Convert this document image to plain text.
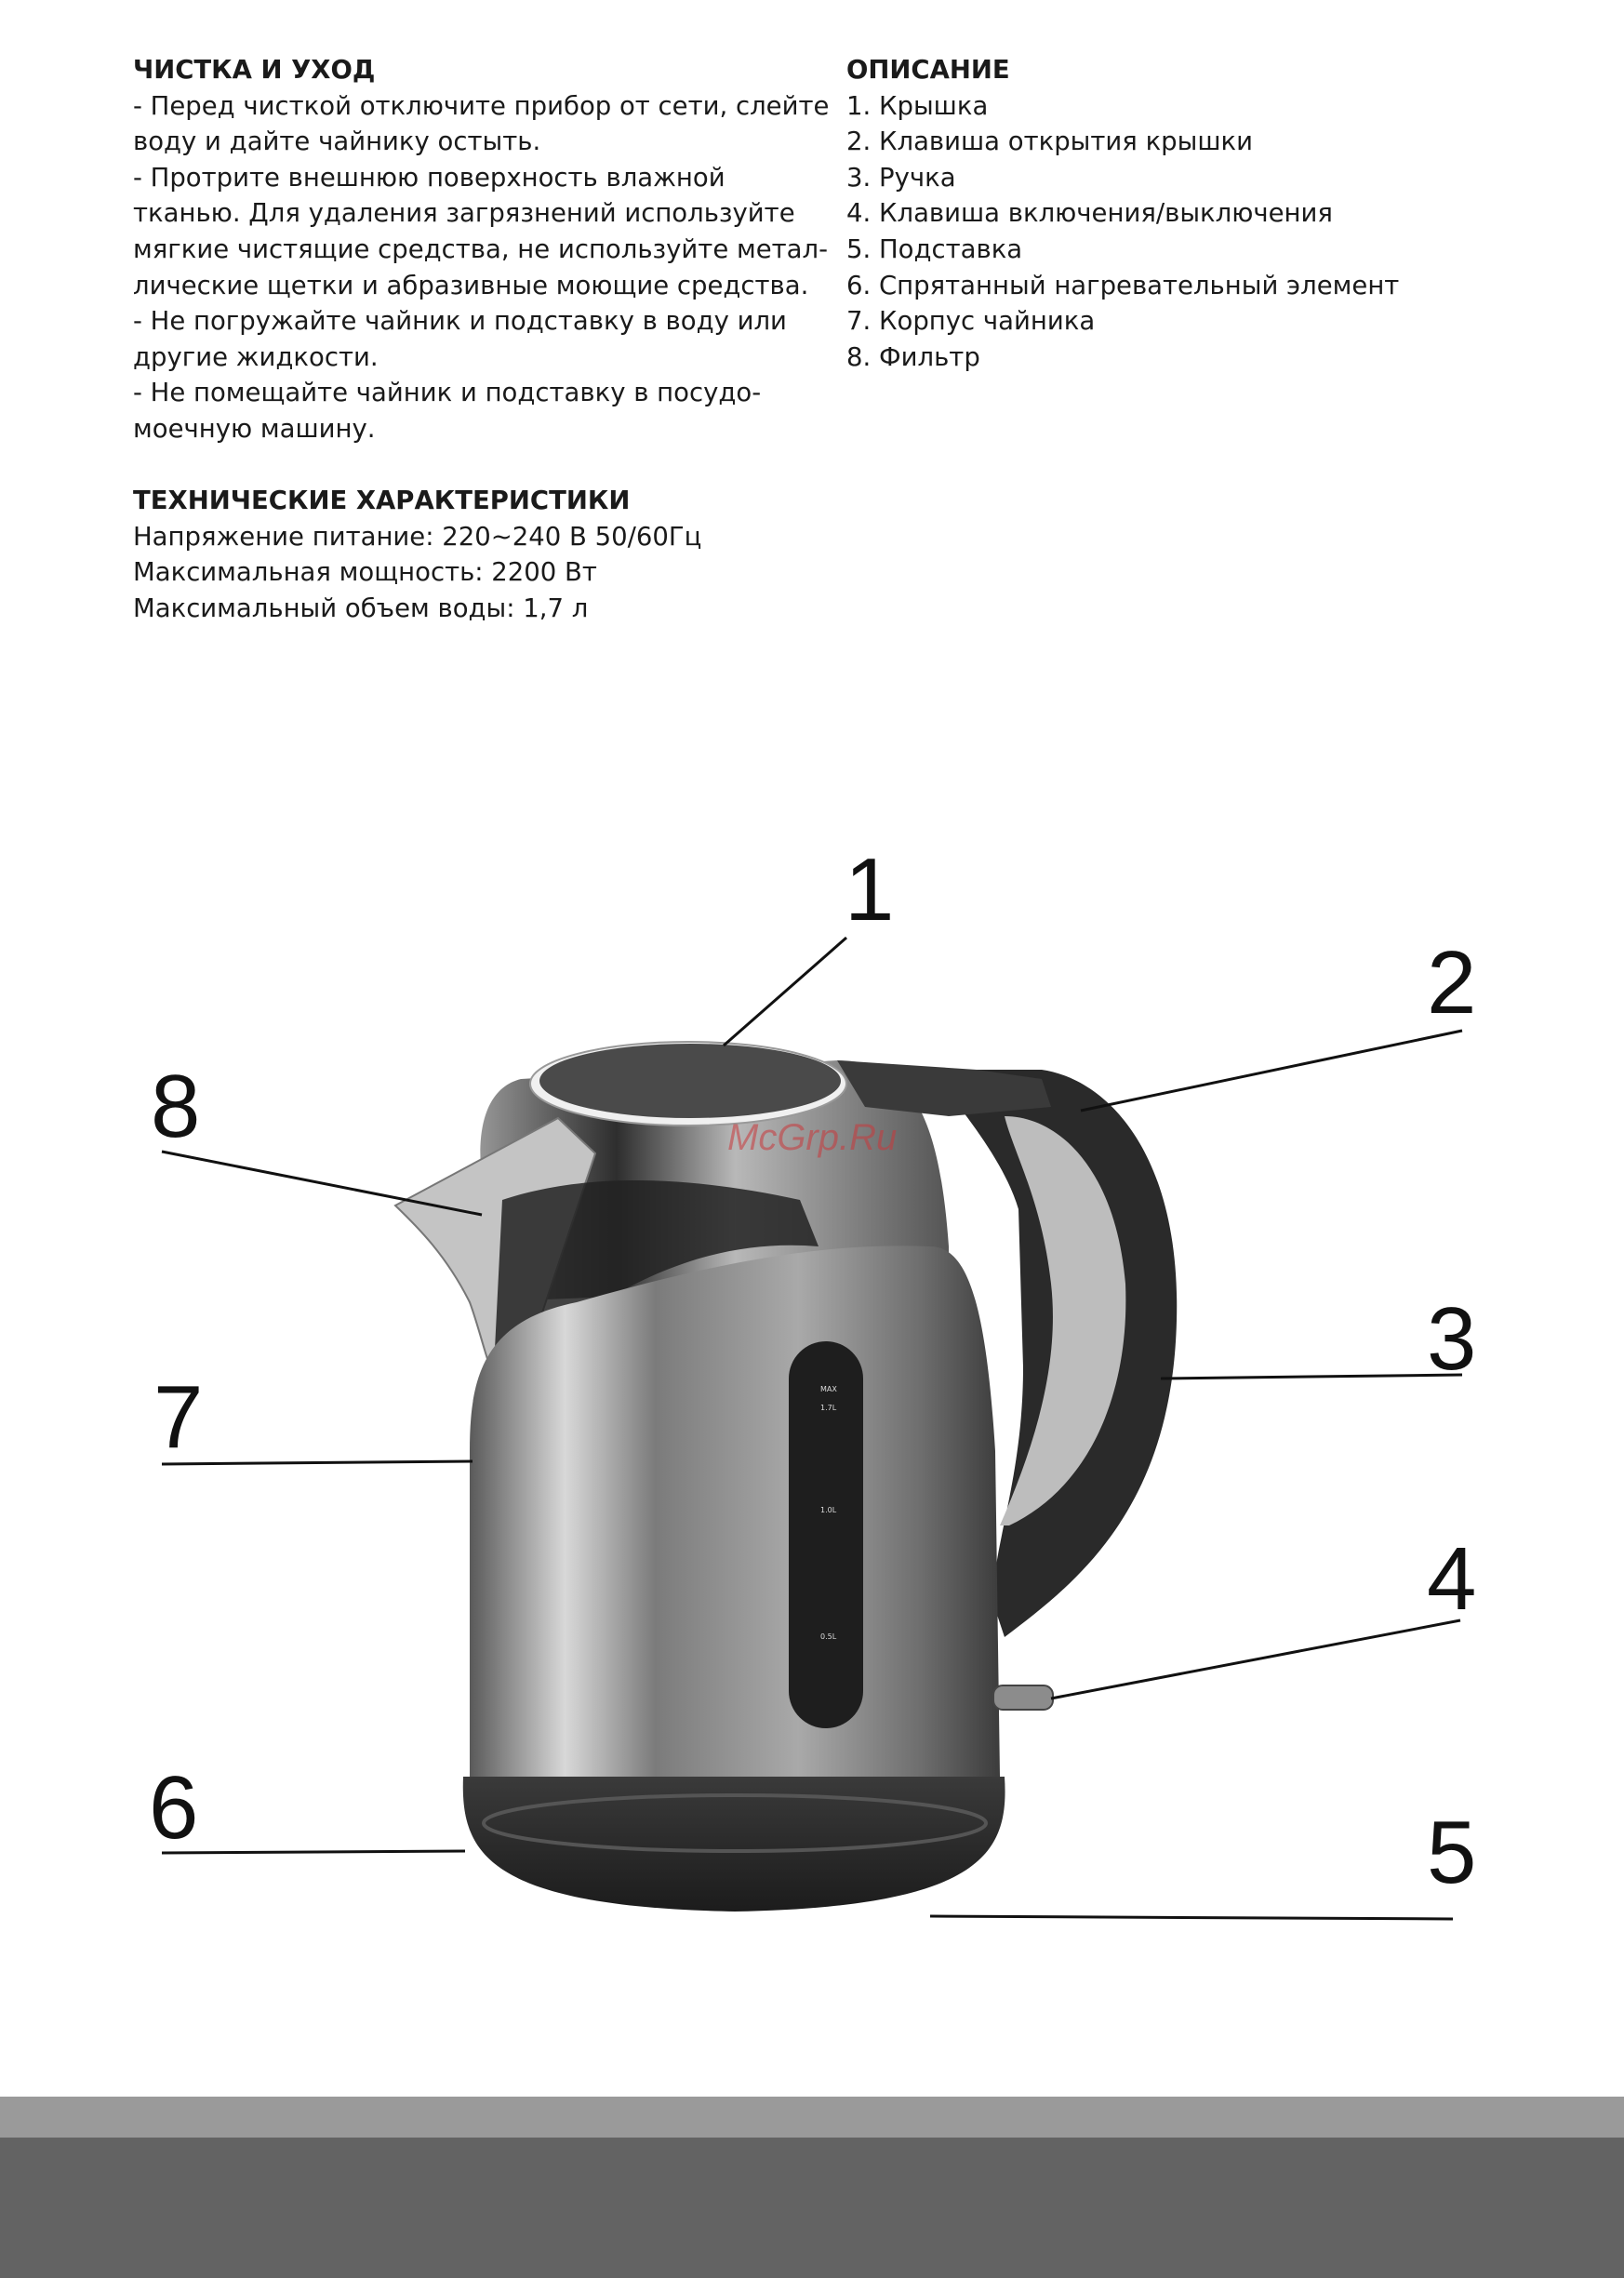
ЧИСТКА И УХОД

- Перед чисткой отключите прибор от сети, слейте

воду и дайте чайнику остыть.

- Протрите внешнюю поверхность влажной

тканью. Для удаления загрязнений используйте

мягкие чистящие средства, не используйте метал-

лические щетки и абразивные моющие средства.

- Не погружайте чайник и подставку в воду или

другие жидкости.

- Не помещайте чайник и подставку в посудо-

моечную машину.

ТЕХНИЧЕСКИЕ ХАРАКТЕРИСТИКИ

Напряжение питание: 220~240 В 50/60Гц

Максимальная мощность: 2200 Вт

Максимальный объем воды: 1,7 л

ОПИСАНИЕ

1. Крышка

2. Клавиша открытия крышки

3. Ручка

4. Клавиша включения/выключения

5. Подставка

6. Спрятанный нагревательный элемент

7. Корпус чайника

8. Фильтр

MAX
1.7L
1.0L
0.5L
1
2
3
4
5
6
7
8	McGrp.Ru
